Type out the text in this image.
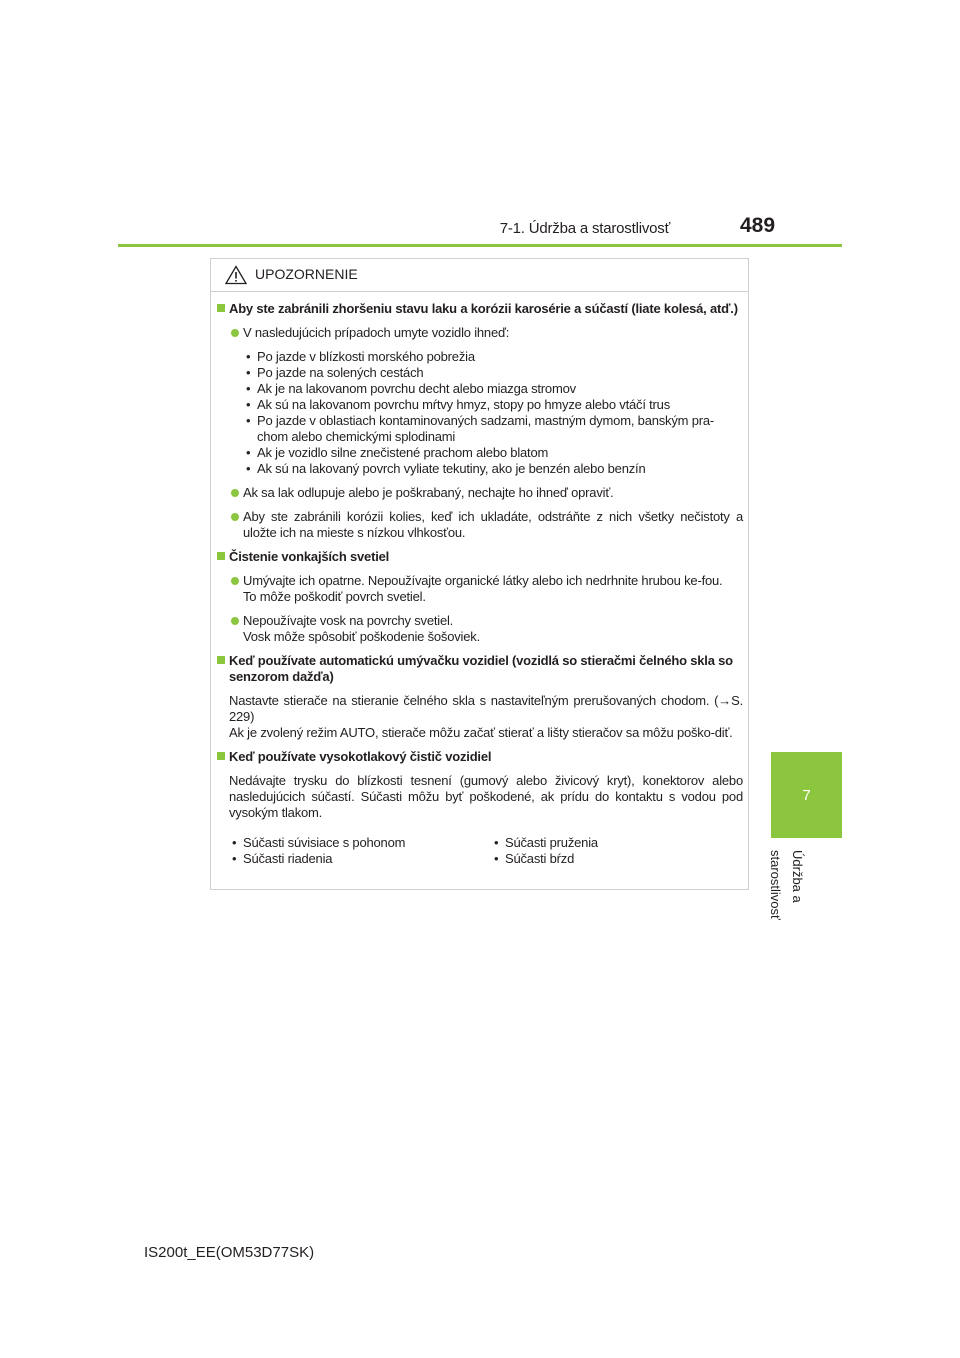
7-1. Údržba a starostlivosť	489
7
Údržba a starostlivosť
UPOZORNENIE
Aby ste zabránili zhoršeniu stavu laku a korózii karosérie a súčastí (liate kolesá, atď.)
V nasledujúcich prípadoch umyte vozidlo ihneď:
• Po jazde v blízkosti morského pobrežia
• Po jazde na solených cestách
• Ak je na lakovanom povrchu decht alebo miazga stromov
• Ak sú na lakovanom povrchu mŕtvy hmyz, stopy po hmyze alebo vtáčí trus
• Po jazde v oblastiach kontaminovaných sadzami, mastným dymom, banským pra-chom alebo chemickými splodinami
• Ak je vozidlo silne znečistené prachom alebo blatom
• Ak sú na lakovaný povrch vyliate tekutiny, ako je benzén alebo benzín
Ak sa lak odlupuje alebo je poškrabaný, nechajte ho ihneď opraviť.
Aby ste zabránili korózii kolies, keď ich ukladáte, odstráňte z nich všetky nečistoty a uložte ich na mieste s nízkou vlhkosťou.
Čistenie vonkajších svetiel
Umývajte ich opatrne. Nepoužívajte organické látky alebo ich nedrhnite hrubou ke-fou.
To môže poškodiť povrch svetiel.
Nepoužívajte vosk na povrchy svetiel.
Vosk môže spôsobiť poškodenie šošoviek.
Keď používate automatickú umývačku vozidiel (vozidlá so stieračmi čelného skla so senzorom dažďa)
Nastavte stierače na stieranie čelného skla s nastaviteľným prerušovaných chodom. (→S. 229)
Ak je zvolený režim AUTO, stierače môžu začať stierať a lišty stieračov sa môžu poško-diť.
Keď používate vysokotlakový čistič vozidiel
Nedávajte trysku do blízkosti tesnení (gumový alebo živicový kryt), konektorov alebo nasledujúcich súčastí. Súčasti môžu byť poškodené, ak prídu do kontaktu s vodou pod vysokým tlakom.
• Súčasti súvisiace s pohonom
• Súčasti riadenia
• Súčasti pruženia
• Súčasti bŕzd
IS200t_EE(OM53D77SK)
